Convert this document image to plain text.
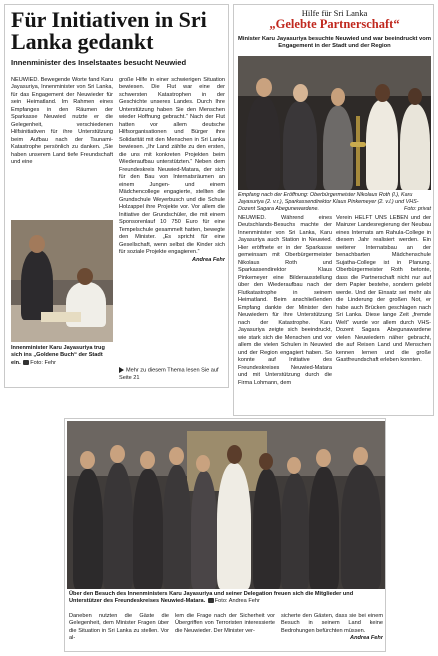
Für Initiativen in Sri Lanka gedankt
Innenminister des Inselstaates besucht Neuwied
NEUWIED. Bewegende Worte fand Karu Jayasuriya, Innenminister von Sri Lanka, für das Engagement der Neuwieder für sein Heimatland. Im Rahmen eines Empfanges in den Räumen der Sparkasse Neuwied nutzte er die Gelegenheit, verschiedenen Hilfsinitiativen für ihre Unterstützung beim Aufbau nach der Tsunami-Katastrophe persönlich zu danken. „Sie haben unserem Land tiefe Freundschaft und eine
große Hilfe in einer schwierigen Situation bewiesen. Die Flut war eine der schwersten Katastrophen in der Geschichte unseres Landes. Durch Ihre Unterstützung haben Sie den Menschen wieder Hoffnung gebracht.“ Nach der Flut hatten vor allem deutsche Hilfsorganisationen und Bürger ihre Solidarität mit den Menschen in Sri Lanka bewiesen. „Ihr Land zählte zu den ersten, die uns mit konkreten Projekten beim Wiederaufbau unterstützten.“ Neben dem Freundeskreis Neuwied-Matara, der sich für den Bau von Internatsräumen an einem Jungen- und einem Mädchencollege engagierte, stellten die Grundschule Weyerbusch und die Schule Holzappel ihre Projekte vor. Vor allem die Initiative der Grundschüler, die mit einem Sponsorenlauf 10 750 Euro für eine Tempelschule gesammelt hatten, bewegte den Minister. „Es spricht für eine Gesellschaft, wenn selbst die Kinder sich für soziale Projekte engagieren.“
Andrea Fehr
Innenminister Karu Jayasuriya trug sich ins „Goldene Buch“ der Stadt ein. Foto: Fehr
Mehr zu diesem Thema lesen Sie auf Seite 21
Hilfe für Sri Lanka
„Gelebte Partnerschaft“
Minister Karu Jayasuriya besuchte Neuwied und war beeindruckt vom Engagement in der Stadt und der Region
Empfang nach der Eröffnung: Oberbürgermeister Nikolaus Roth (l.), Karu Jayasuriya (2. v.r.), Sparkassendirektor Klaus Pinkemeyer (2. v.l.) und VHS-Dozent Sagara Abegunewardene.	Foto: privat
NEUWIED. Während eines Deutschlands-Besuchs machte der Innenminister von Sri Lanka, Karu Jayasuriya auch Station in Neuwied. Hier eröffnete er in der Sparkasse gemeinsam mit Oberbürgermeister Nikolaus Roth und Sparkassendirektor Klaus Pinkemeyer eine Bilderausstellung über den Wiederaufbau nach der Flutkatastrophe in seinem Heimatland. Beim anschließenden Empfang dankte der Minister den Neuwiedern für ihre Unterstützung nach der Katastrophe. Karu Jayasuriya zeigte sich beeindruckt, wie stark sich die Menschen und vor allem die vielen Schulen in Neuwied und der Region engagiert haben. So konnte auf Initiative des Freundeskreises Neuwied-Matara und mit Unterstützung durch die Firma Lohmann, dem
Verein HELFT UNS LEBEN und der Mainzer Landesregierung der Neubau eines Internats am Rahula-College in diesem Jahr realisiert werden. Ein weiterer Internatsbau an der benachbarten Mädchenschule Sujatha-College ist in Planung. Oberbürgermeister Roth betonte, dass die Partnerschaft nicht nur auf dem Papier bestehe, sondern gelebt werde. Und der Einsatz sei mehr als die Linderung der großen Not, er habe auch Brücken geschlagen nach Sri Lanka. Diese lange Zeit „fremde Welt“ wurde vor allem durch VHS-Dozent Sagara Abegunawardene vielen Neuwiedern näher gebracht, die auf Reisen Land und Menschen kennen lernen und die große Gastfreundschaft erleben konnten.
Über den Besuch des Innenministers Karu Jayasuriya und seiner Delegation freuen sich die Mitglieder und Unterstützer des Freundeskreises Neuwied-Matara. Foto: Andrea Fehr
Daneben nutzten die Gäste die Gelegenheit, dem Minister Fragen über die Situation in Sri Lanka zu stellen. Vor al-
lem die Frage nach der Sicherheit vor Übergriffen von Terroristen interessierte die Neuwieder. Der Minister ver-
sicherte den Gästen, dass sie bei einem Besuch in seinem Land keine Bedrohungen befürchten müssen.
Andrea Fehr
